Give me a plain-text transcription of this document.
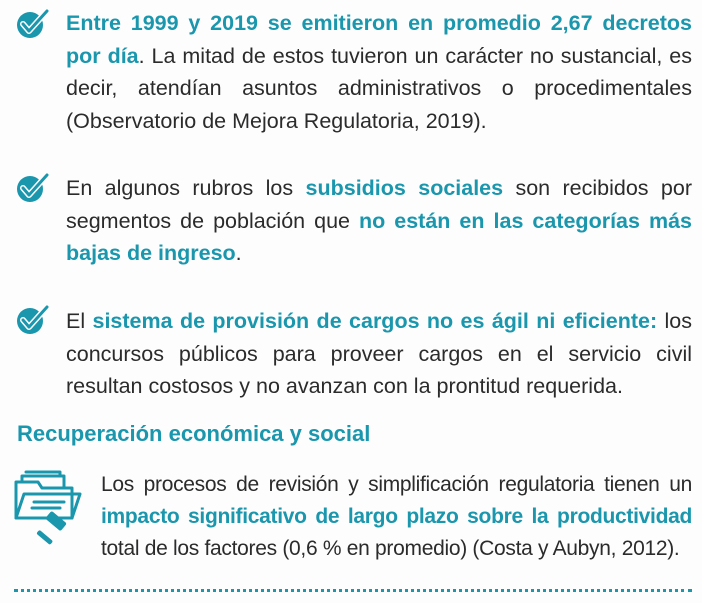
Entre 1999 y 2019 se emitieron en promedio 2,67 decretos por día. La mitad de estos tuvieron un carácter no sustancial, es decir, atendían asuntos administrativos o procedimentales (Observatorio de Mejora Regulatoria, 2019).

En algunos rubros los subsidios sociales son recibidos por segmentos de población que no están en las categorías más bajas de ingreso.

El sistema de provisión de cargos no es ágil ni eficiente: los concursos públicos para proveer cargos en el servicio civil resultan costosos y no avanzan con la prontitud requerida.

Recuperación económica y social

Los procesos de revisión y simplificación regulatoria tienen un impacto significativo de largo plazo sobre la productividad total de los factores (0,6 % en promedio) (Costa y Aubyn, 2012).
